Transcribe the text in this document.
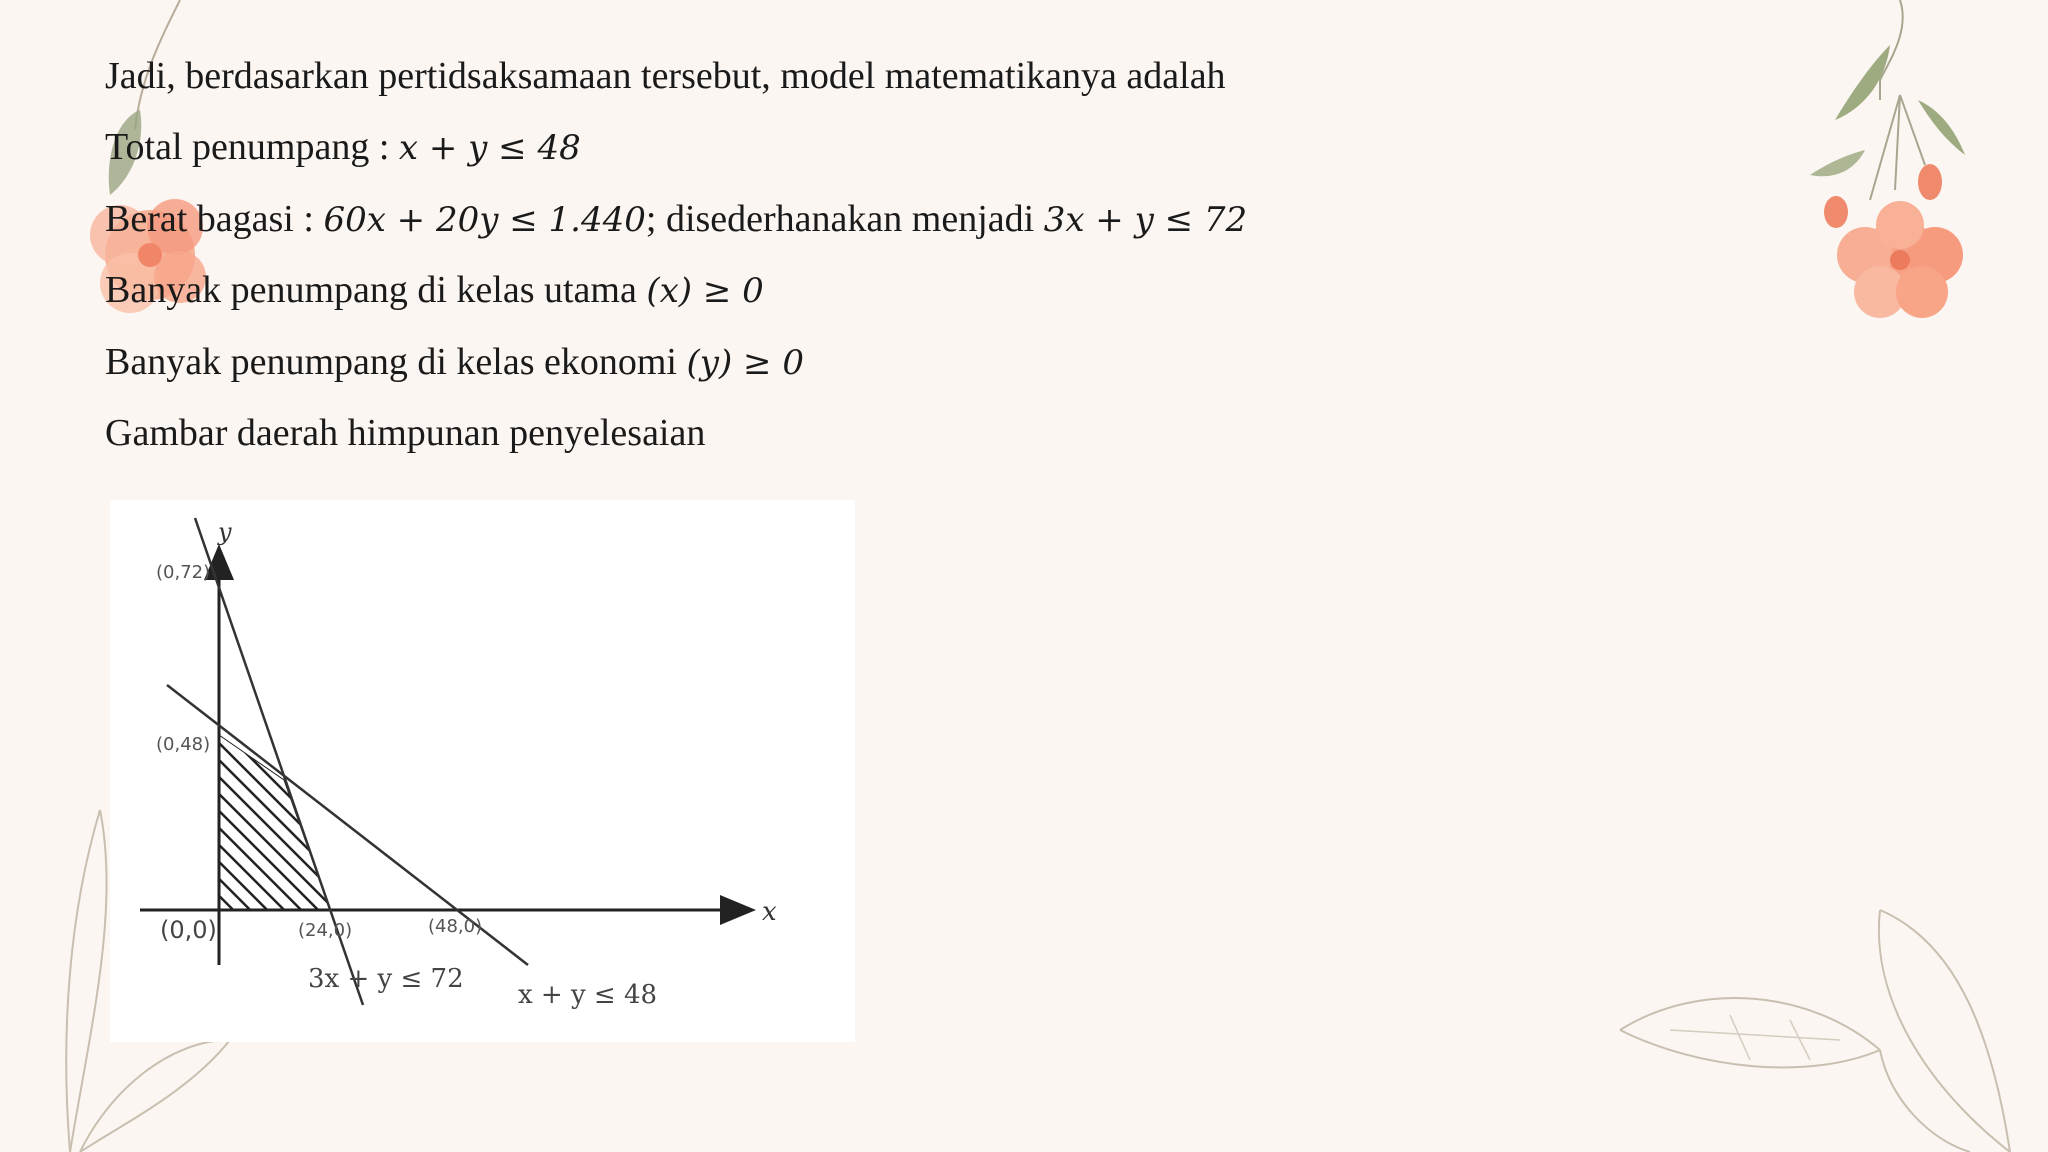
Jadi, berdasarkan pertidsaksamaan tersebut, model matematikanya adalah
Total penumpang : x + y ≤ 48
Berat bagasi : 60x + 20y ≤ 1.440; disederhanakan menjadi 3x + y ≤ 72
Banyak penumpang di kelas utama (x) ≥ 0
Banyak penumpang di kelas ekonomi (y) ≥ 0
Gambar daerah himpunan penyelesaian
y
x
(0,72)
(0,48)
(0,0)	(24,0)	(48,0)
3x + y ≤ 72
x + y ≤ 48
